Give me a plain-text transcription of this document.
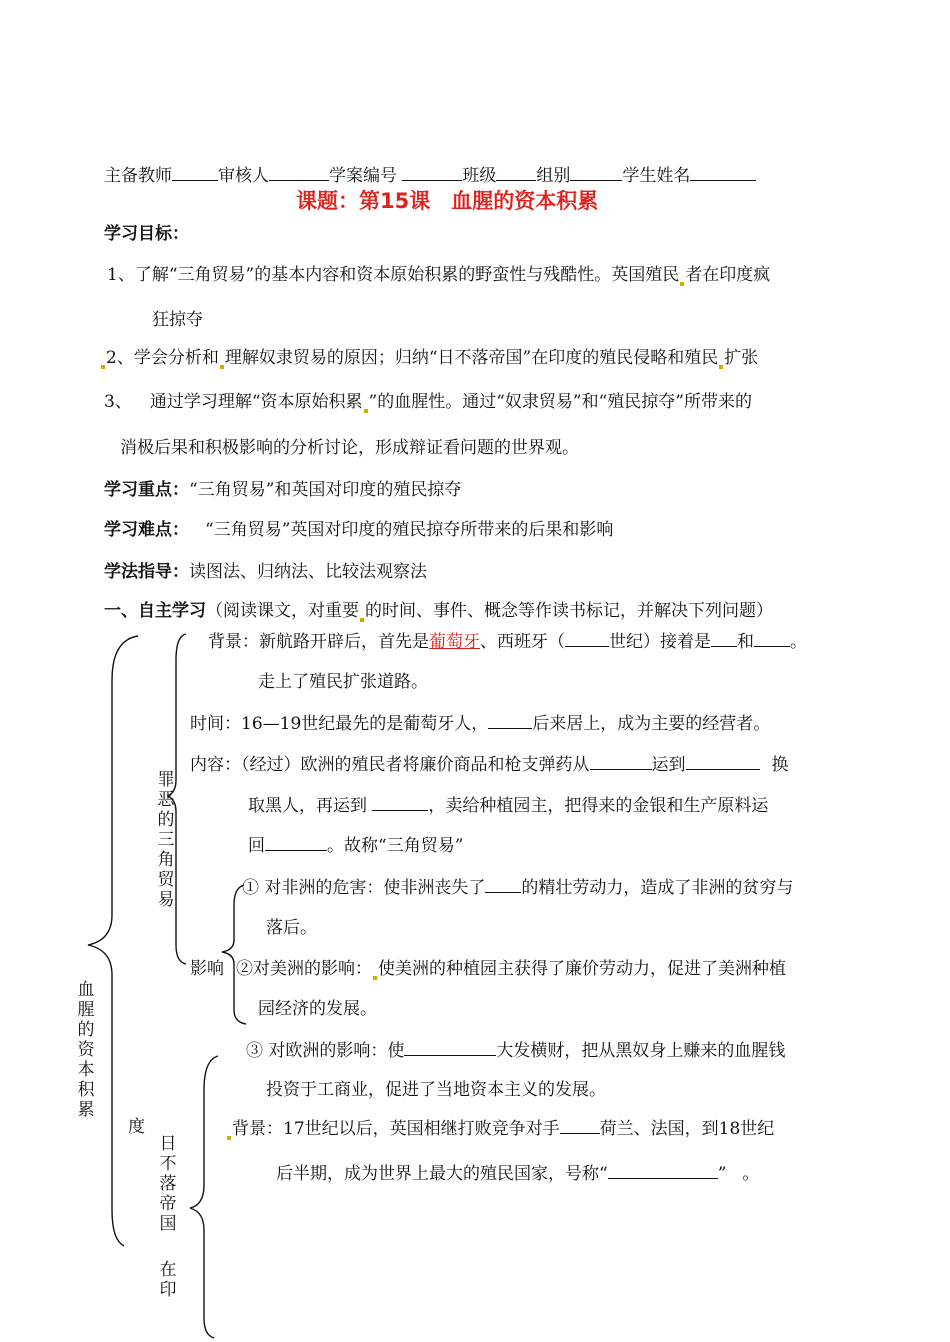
主备教师	审核人	学案编号	班级 组别	学生姓名
课题：第15课　血腥的资本积累
学习目标：
1、了解“三角贸易”的基本内容和资本原始积累的野蛮性与残酷性。英国殖民 者在印度疯
狂掠夺
2、学会分析和 理解奴隶贸易的原因；归纳“日不落帝国”在印度的殖民侵略和殖民 扩张
3、 通过学习理解“资本原始积累 ”的血腥性。通过“奴隶贸易”和“殖民掠夺”所带来的
消极后果和积极影响的分析讨论，形成辩证看问题的世界观。
学习重点：“三角贸易”和英国对印度的殖民掠夺
学习难点： “三角贸易”英国对印度的殖民掠夺所带来的后果和影响
学法指导：读图法、归纳法、比较法观察法
一、自主学习（阅读课文，对重要 的时间、事件、概念等作读书标记，并解决下列问题）
血腥的资本积累
罪恶的三角贸易
度
日不落帝国
在印
背景：新航路开辟后，首先是葡萄牙、西班牙（	世纪）接着是 和 。
走上了殖民扩张道路。
时间：16—19世纪最先的是葡萄牙人，	后来居上，成为主要的经营者。
内容：（经过）欧洲的殖民者将廉价商品和枪支弹药从	运到	换
取黑人，再运到	，卖给种植园主，把得来的金银和生产原料运
回	。故称“三角贸易”
① 对非洲的危害：使非洲丧失了 的精壮劳动力，造成了非洲的贫穷与
落后。
影响 ②对美洲的影响： 使美洲的种植园主获得了廉价劳动力，促进了美洲种植
园经济的发展。
③ 对欧洲的影响：使	大发横财，把从黑奴身上赚来的血腥钱
投资于工商业，促进了当地资本主义的发展。
背景：17世纪以后，英国相继打败竞争对手 荷兰、法国，到18世纪
后半期，成为世界上最大的殖民国家，号称“	” 。
